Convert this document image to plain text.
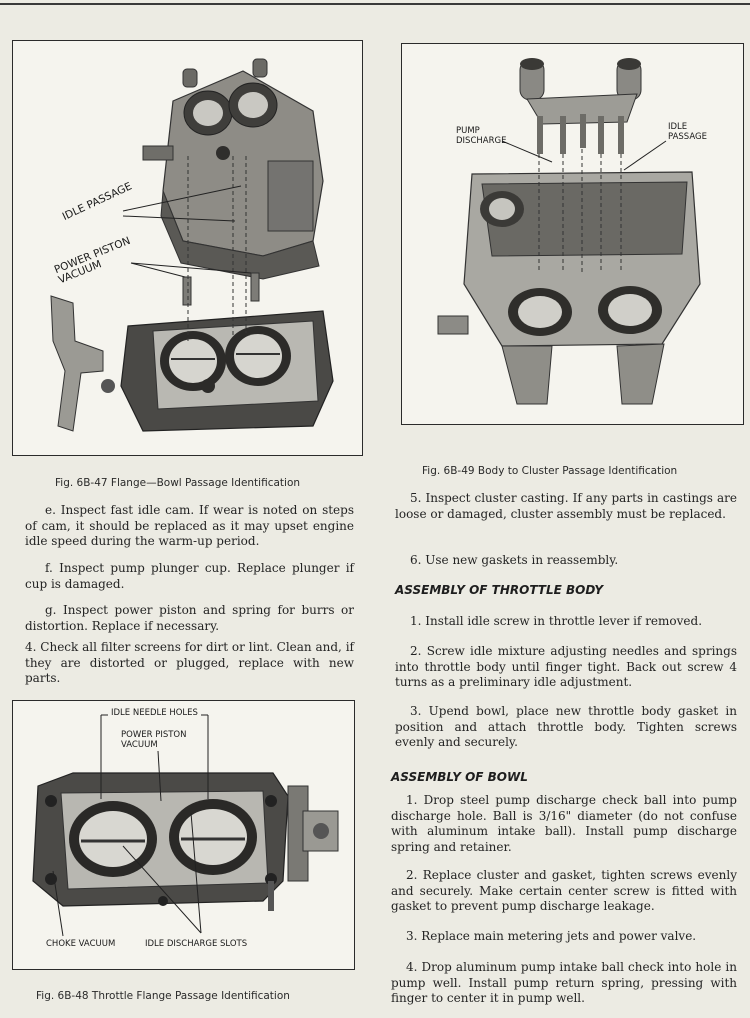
IDLE PASSAGE
POWER PISTON
VACUUM
Fig. 6B-47 Flange—Bowl Passage Identification
PUMP
DISCHARGE
IDLE
PASSAGE
Fig. 6B-49 Body to Cluster Passage Identification
IDLE NEEDLE HOLES
POWER PISTON
VACUUM
CHOKE VACUUM	IDLE DISCHARGE SLOTS
Fig. 6B-48 Throttle Flange Passage Identification
e. Inspect fast idle cam. If wear is noted on steps of cam, it should be replaced as it may upset engine idle speed during the warm-up period.
f. Inspect pump plunger cup. Replace plunger if cup is damaged.
g. Inspect power piston and spring for burrs or distortion. Replace if necessary.
4. Check all filter screens for dirt or lint. Clean and, if they are distorted or plugged, replace with new parts.
5. Inspect cluster casting. If any parts in castings are loose or damaged, cluster assembly must be replaced.
6. Use new gaskets in reassembly.
ASSEMBLY OF THROTTLE BODY
1. Install idle screw in throttle lever if removed.
2. Screw idle mixture adjusting needles and springs into throttle body until finger tight. Back out screw 4 turns as a preliminary idle adjustment.
3. Upend bowl, place new throttle body gasket in position and attach throttle body. Tighten screws evenly and securely.
ASSEMBLY OF BOWL
1. Drop steel pump discharge check ball into pump discharge hole. Ball is 3/16" diameter (do not confuse with aluminum intake ball). Install pump discharge spring and retainer.
2. Replace cluster and gasket, tighten screws evenly and securely. Make certain center screw is fitted with gasket to prevent pump discharge leakage.
3. Replace main metering jets and power valve.
4. Drop aluminum pump intake ball check into hole in pump well. Install pump return spring, pressing with finger to center it in pump well.
